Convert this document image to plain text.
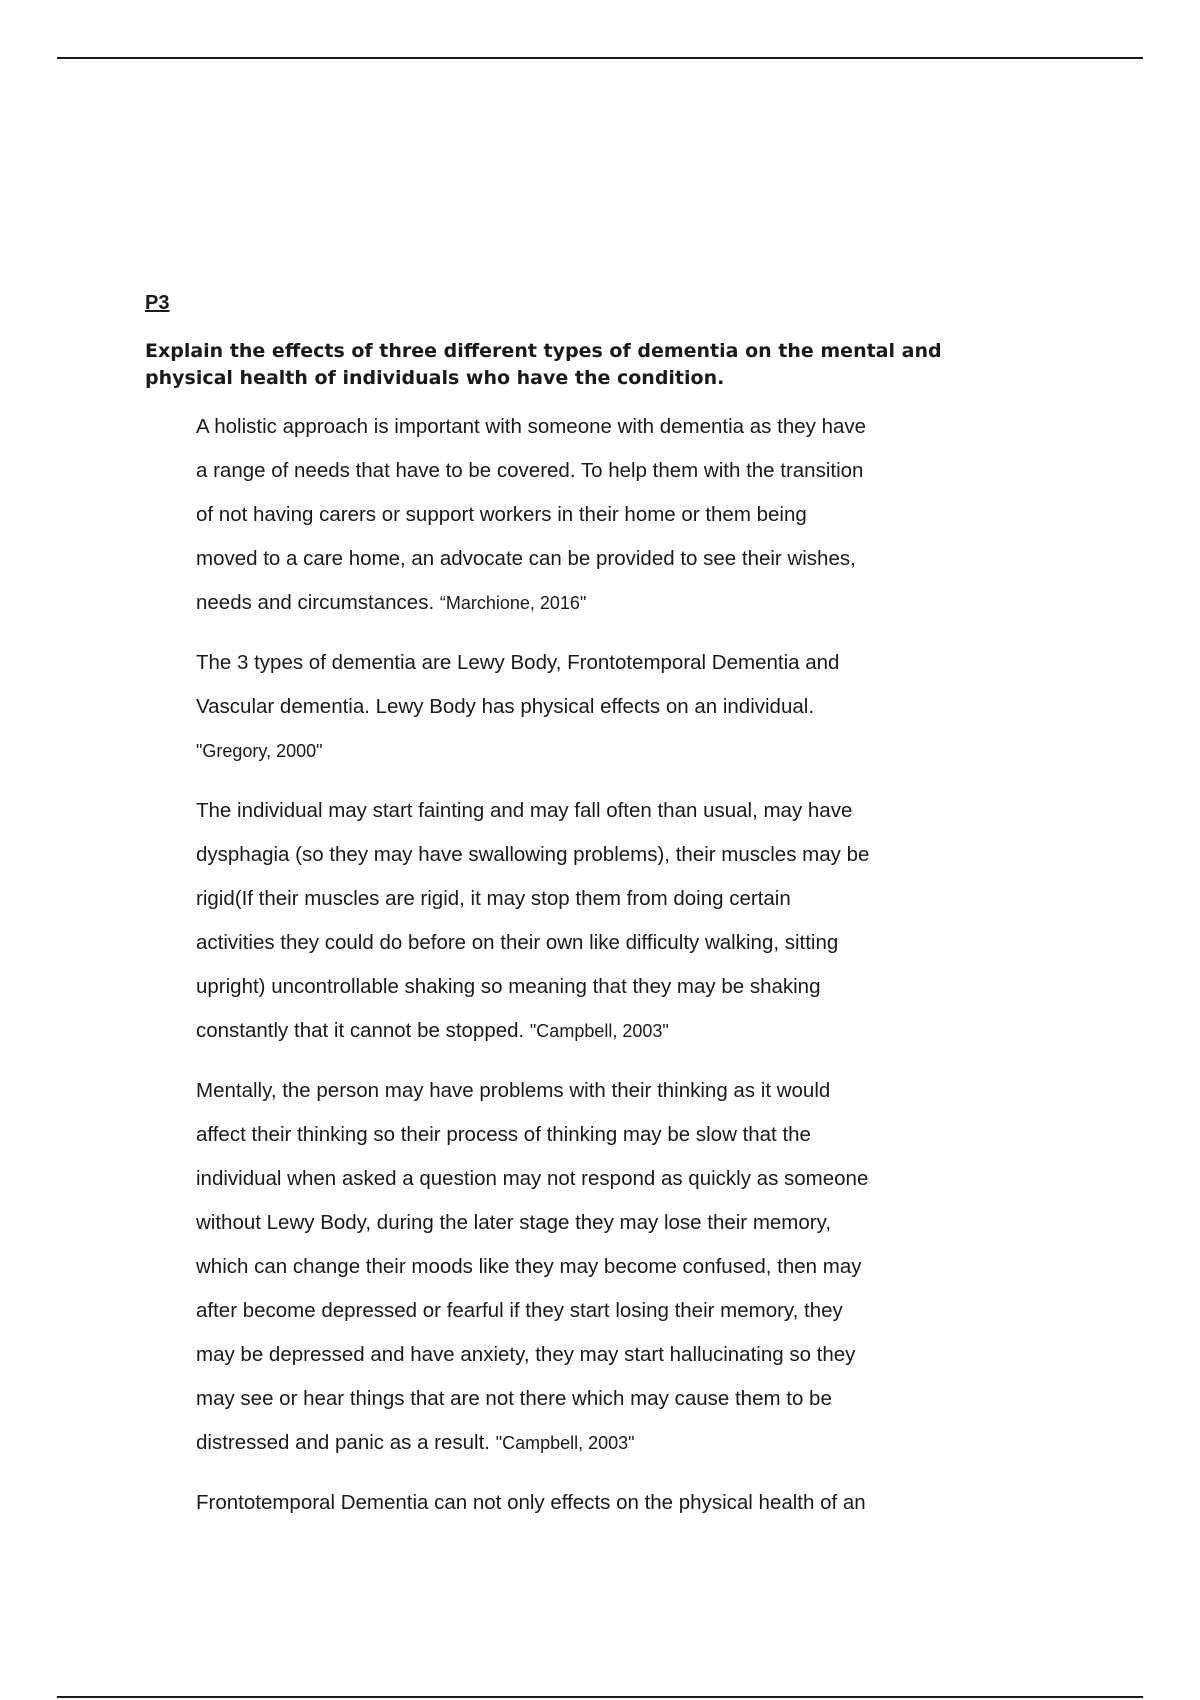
P3

Explain the effects of three different types of dementia on the mental and
physical health of individuals who have the condition.

A holistic approach is important with someone with dementia as they have
a range of needs that have to be covered. To help them with the transition
of not having carers or support workers in their home or them being
moved to a care home, an advocate can be provided to see their wishes,
needs and circumstances. “Marchione, 2016"

The 3 types of dementia are Lewy Body, Frontotemporal Dementia and
Vascular dementia. Lewy Body has physical effects on an individual.
"Gregory, 2000"

The individual may start fainting and may fall often than usual, may have
dysphagia (so they may have swallowing problems), their muscles may be
rigid(If their muscles are rigid, it may stop them from doing certain
activities they could do before on their own like difficulty walking, sitting
upright) uncontrollable shaking so meaning that they may be shaking
constantly that it cannot be stopped. "Campbell, 2003"

Mentally, the person may have problems with their thinking as it would
affect their thinking so their process of thinking may be slow that the
individual when asked a question may not respond as quickly as someone
without Lewy Body, during the later stage they may lose their memory,
which can change their moods like they may become confused, then may
after become depressed or fearful if they start losing their memory, they
may be depressed and have anxiety, they may start hallucinating so they
may see or hear things that are not there which may cause them to be
distressed and panic as a result. "Campbell, 2003"

Frontotemporal Dementia can not only effects on the physical health of an
